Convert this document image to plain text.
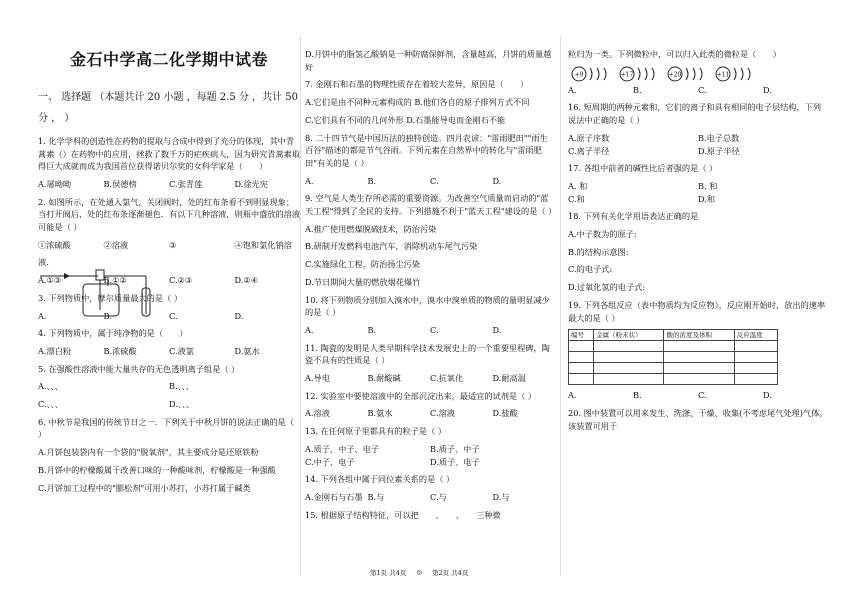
金石中学高二化学期中试卷
一、 选择题 （本题共计 20 小题 ，每题 2.5 分 ，共计 50 分 ， ）
1. 化学学科的创造性在药物的提取与合成中得到了充分的体现，其中青蒿素（）在药物中的应用，拯救了数千万的疟疾病人，因为研究青蒿素取得巨大成就而成为我国首位获得诺贝尔奖的女科学家是（　　）
A.屠呦呦	B.侯德榜	C.张青莲	D.徐光宪
2. 如图所示，在处通入氯气，关闭阀时，处的红布条看不到明显现象；当打开阀后，处的红布条逐渐褪色．有以下几种溶液，则瓶中盛放的溶液可能是（ ）
①浓硫酸	②溶液	③	④饱和氯化钠溶
液.
A.①③	B.①②	C.②③	D.②④
3. 下列物质中，摩尔质量最大的是（ ）
A.	B.	C.	D.
4. 下列物质中，属于纯净物的是（　　）
A.漂白粉	B.浓硫酸	C.液氯	D.氨水
5. 在强酸性溶液中能大量共存的无色透明离子组是（ ）
A.、、、	B.、、、
C.、、、	D.、、、
6. 中秋节是我国的传统节日之一．下列关于中秋月饼的说法正确的是（ ）
A.月饼包装袋内有一个袋的"脱氧剂"，其主要成分是还原铁粉
B.月饼中的柠檬酸属于改善口味的一种酸味剂，柠檬酸是一种强酸
C.月饼加工过程中的"膨松剂"可用小苏打，小苏打属于碱类
D.月饼中的脂氢乙酸钠是一种防腐保鲜剂，含量越高，月饼的质量越好
7. 金刚石和石墨的物理性质存在着较大差异，原因是（　　）
A.它们是由不同种元素构成的 B.他们各自的原子排列方式不同
C.它们具有不同的几何外形 D.石墨能导电而金刚石不能
8. 二十四节气是中国历法的独特创造。四月农谚："雷雨肥田""雨生百谷"描述的都是节气谷雨。下列元素在自然界中的转化与"雷雨肥田"有关的是（ ）
A.	B.	C.	D.
9. 空气是人类生存所必需的重要资源。为改善空气质量而启动的"蓝天工程"得到了全民的支持。下列措施不利于"蓝天工程"建设的是（ ）
A.推广使用燃煤脱硫技术，防治污染
B.研制开发燃料电池汽车，消除机动车尾气污染
C.实施绿化工程，防治扬尘污染
D.节日期间大量的燃放烟花爆竹
10. 将下列物质分别加入溴水中，溴水中溴单质的物质的量明显减少的是（ ）
A.	B.	C.	D.
11. 陶瓷的发明是人类早期科学技术发展史上的一个重要里程碑，陶瓷不具有的性质是（ ）
A.导电	B.耐酸碱	C.抗氧化	D.耐高温
12. 实验室中要使溶液中的全部沉淀出来，最适宜的试剂是（ ）
A.溶液	B.氨水	C.溶液	D.盐酸
13. 在任何原子里都具有的粒子是（ ）
A.质子、中子、电子	B.质子、中子
C.中子、电子	D.质子、电子
14. 下列各组中属于同位素关系的是（ ）
A.金刚石与石墨 B.与	C.与	D.与
15. 根据原子结构特征，可以把　　、　　、　　三种微
粒归为一类。下列微粒中，可以归入此类的微粒是（　　）
+9	+17	+20	+11
A.	B.	C.	D.
16. 短周期的两种元素和，它们的离子和具有相同的电子层结构，下列说法中正确的是（ ）
A.原子序数	B.电子总数
C.离子半径	D.原子半径
17. 各组中前者的碱性比后者强的是（ ）
A. 和	B. 和
C.和	D.和
18. 下列有关化学用语表达正确的是
A.中子数为的原子:
B.的结构示意图:
C.的电子式:
D.过氧化氢的电子式:
19. 下列各组反应（表中物质均为反应物），反应刚开始时，放出的速率最大的是（ ）
编号	金属（粉末状）	酸的浓度及体积	反应温度

A.	B.	C.	D.
20. 图中装置可以用来发生、洗涤、干燥、收集(不考虑尾气处理)气体。该装置可用于
第1页 共4页 ◎ 第2页 共4页
